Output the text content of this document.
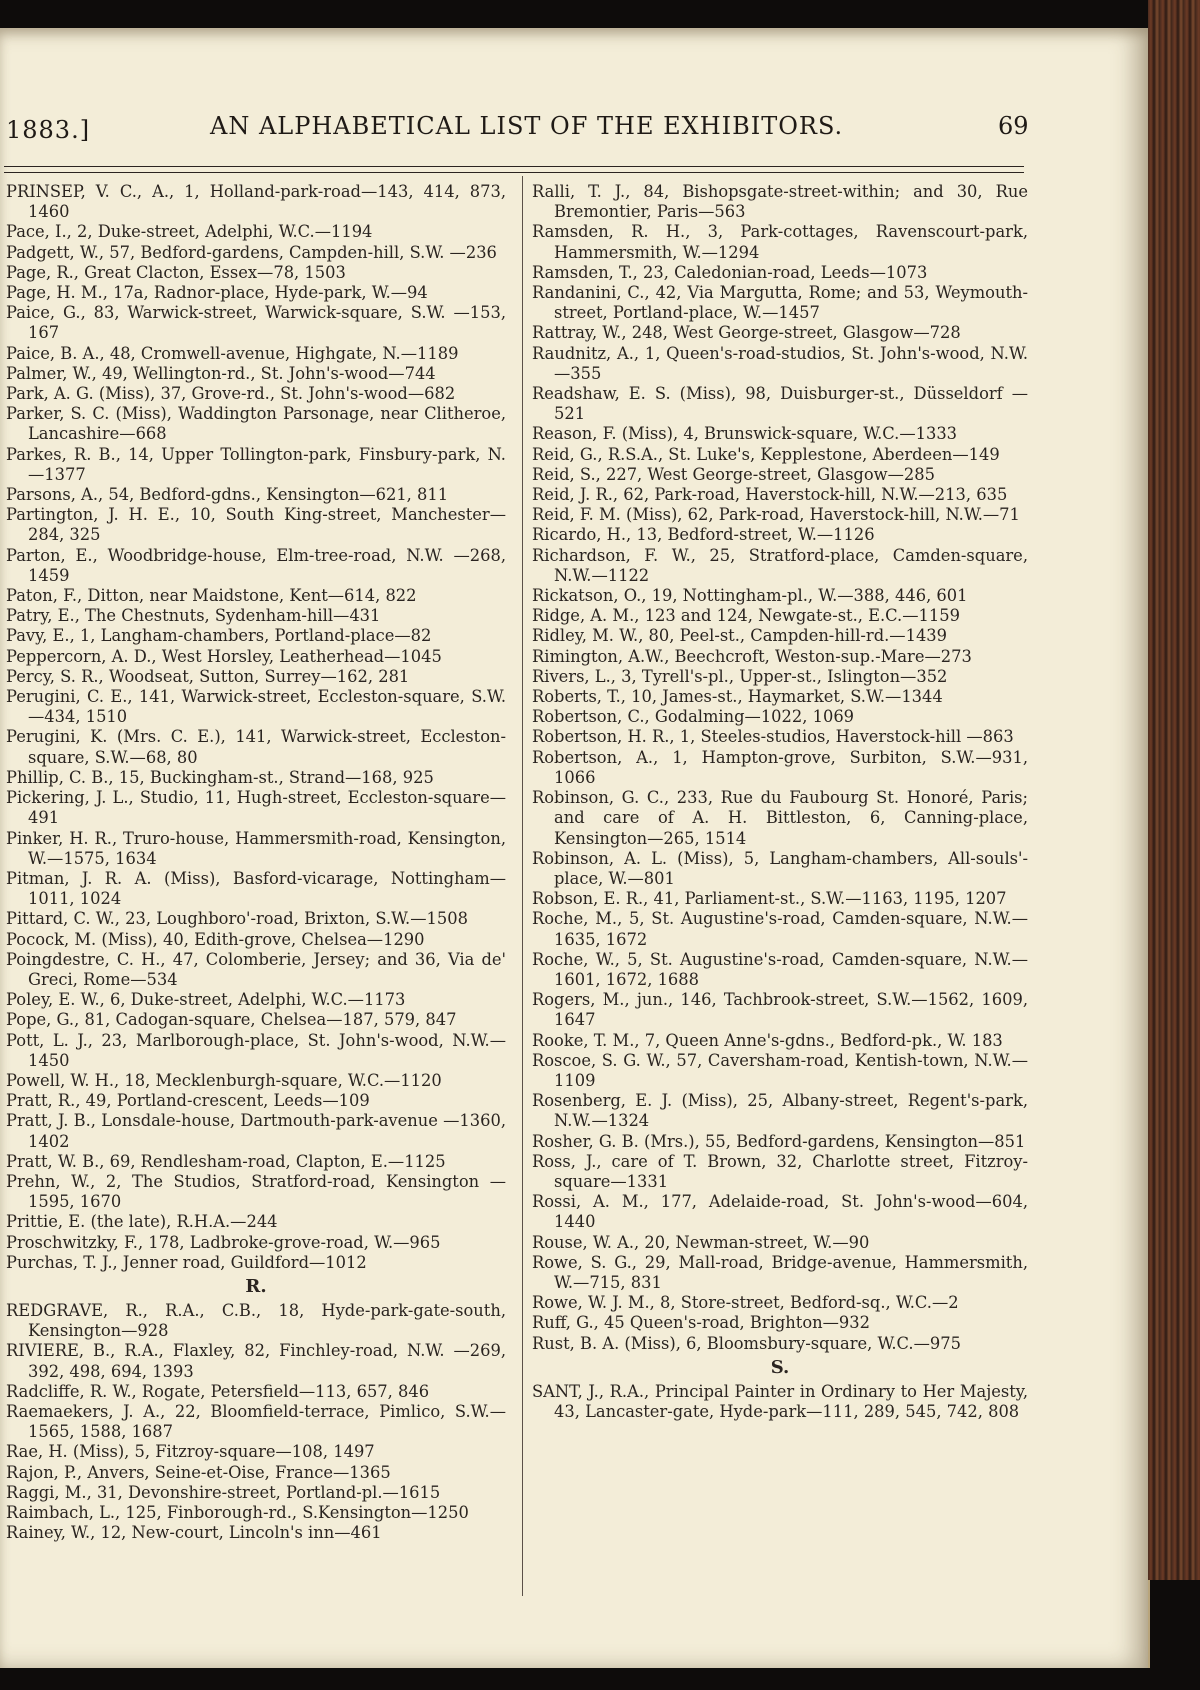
1883.]	AN ALPHABETICAL LIST OF THE EXHIBITORS.	69
PRINSEP, V. C., A., 1, Holland-park-road—143, 414, 873, 1460
Pace, I., 2, Duke-street, Adelphi, W.C.—1194
Padgett, W., 57, Bedford-gardens, Campden-hill, S.W. —236
Page, R., Great Clacton, Essex—78, 1503
Page, H. M., 17a, Radnor-place, Hyde-park, W.—94
Paice, G., 83, Warwick-street, Warwick-square, S.W. —153, 167
Paice, B. A., 48, Cromwell-avenue, Highgate, N.—1189
Palmer, W., 49, Wellington-rd., St. John's-wood—744
Park, A. G. (Miss), 37, Grove-rd., St. John's-wood—682
Parker, S. C. (Miss), Waddington Parsonage, near Clitheroe, Lancashire—668
Parkes, R. B., 14, Upper Tollington-park, Finsbury-park, N.—1377
Parsons, A., 54, Bedford-gdns., Kensington—621, 811
Partington, J. H. E., 10, South King-street, Manchester—284, 325
Parton, E., Woodbridge-house, Elm-tree-road, N.W. —268, 1459
Paton, F., Ditton, near Maidstone, Kent—614, 822
Patry, E., The Chestnuts, Sydenham-hill—431
Pavy, E., 1, Langham-chambers, Portland-place—82
Peppercorn, A. D., West Horsley, Leatherhead—1045
Percy, S. R., Woodseat, Sutton, Surrey—162, 281
Perugini, C. E., 141, Warwick-street, Eccleston-square, S.W.—434, 1510
Perugini, K. (Mrs. C. E.), 141, Warwick-street, Eccleston-square, S.W.—68, 80
Phillip, C. B., 15, Buckingham-st., Strand—168, 925
Pickering, J. L., Studio, 11, Hugh-street, Eccleston-square—491
Pinker, H. R., Truro-house, Hammersmith-road, Kensington, W.—1575, 1634
Pitman, J. R. A. (Miss), Basford-vicarage, Nottingham—1011, 1024
Pittard, C. W., 23, Loughboro'-road, Brixton, S.W.—1508
Pocock, M. (Miss), 40, Edith-grove, Chelsea—1290
Poingdestre, C. H., 47, Colomberie, Jersey; and 36, Via de' Greci, Rome—534
Poley, E. W., 6, Duke-street, Adelphi, W.C.—1173
Pope, G., 81, Cadogan-square, Chelsea—187, 579, 847
Pott, L. J., 23, Marlborough-place, St. John's-wood, N.W.—1450
Powell, W. H., 18, Mecklenburgh-square, W.C.—1120
Pratt, R., 49, Portland-crescent, Leeds—109
Pratt, J. B., Lonsdale-house, Dartmouth-park-avenue —1360, 1402
Pratt, W. B., 69, Rendlesham-road, Clapton, E.—1125
Prehn, W., 2, The Studios, Stratford-road, Kensington —1595, 1670
Prittie, E. (the late), R.H.A.—244
Proschwitzky, F., 178, Ladbroke-grove-road, W.—965
Purchas, T. J., Jenner road, Guildford—1012
R.
REDGRAVE, R., R.A., C.B., 18, Hyde-park-gate-south, Kensington—928
RIVIERE, B., R.A., Flaxley, 82, Finchley-road, N.W. —269, 392, 498, 694, 1393
Radcliffe, R. W., Rogate, Petersfield—113, 657, 846
Raemaekers, J. A., 22, Bloomfield-terrace, Pimlico, S.W.—1565, 1588, 1687
Rae, H. (Miss), 5, Fitzroy-square—108, 1497
Rajon, P., Anvers, Seine-et-Oise, France—1365
Raggi, M., 31, Devonshire-street, Portland-pl.—1615
Raimbach, L., 125, Finborough-rd., S.Kensington—1250
Rainey, W., 12, New-court, Lincoln's inn—461
Ralli, T. J., 84, Bishopsgate-street-within; and 30, Rue Bremontier, Paris—563
Ramsden, R. H., 3, Park-cottages, Ravenscourt-park, Hammersmith, W.—1294
Ramsden, T., 23, Caledonian-road, Leeds—1073
Randanini, C., 42, Via Margutta, Rome; and 53, Weymouth-street, Portland-place, W.—1457
Rattray, W., 248, West George-street, Glasgow—728
Raudnitz, A., 1, Queen's-road-studios, St. John's-wood, N.W.—355
Readshaw, E. S. (Miss), 98, Duisburger-st., Düsseldorf —521
Reason, F. (Miss), 4, Brunswick-square, W.C.—1333
Reid, G., R.S.A., St. Luke's, Kepplestone, Aberdeen—149
Reid, S., 227, West George-street, Glasgow—285
Reid, J. R., 62, Park-road, Haverstock-hill, N.W.—213, 635
Reid, F. M. (Miss), 62, Park-road, Haverstock-hill, N.W.—71
Ricardo, H., 13, Bedford-street, W.—1126
Richardson, F. W., 25, Stratford-place, Camden-square, N.W.—1122
Rickatson, O., 19, Nottingham-pl., W.—388, 446, 601
Ridge, A. M., 123 and 124, Newgate-st., E.C.—1159
Ridley, M. W., 80, Peel-st., Campden-hill-rd.—1439
Rimington, A.W., Beechcroft, Weston-sup.-Mare—273
Rivers, L., 3, Tyrell's-pl., Upper-st., Islington—352
Roberts, T., 10, James-st., Haymarket, S.W.—1344
Robertson, C., Godalming—1022, 1069
Robertson, H. R., 1, Steeles-studios, Haverstock-hill —863
Robertson, A., 1, Hampton-grove, Surbiton, S.W.—931, 1066
Robinson, G. C., 233, Rue du Faubourg St. Honoré, Paris; and care of A. H. Bittleston, 6, Canning-place, Kensington—265, 1514
Robinson, A. L. (Miss), 5, Langham-chambers, All-souls'-place, W.—801
Robson, E. R., 41, Parliament-st., S.W.—1163, 1195, 1207
Roche, M., 5, St. Augustine's-road, Camden-square, N.W.—1635, 1672
Roche, W., 5, St. Augustine's-road, Camden-square, N.W.—1601, 1672, 1688
Rogers, M., jun., 146, Tachbrook-street, S.W.—1562, 1609, 1647
Rooke, T. M., 7, Queen Anne's-gdns., Bedford-pk., W. 183
Roscoe, S. G. W., 57, Caversham-road, Kentish-town, N.W.—1109
Rosenberg, E. J. (Miss), 25, Albany-street, Regent's-park, N.W.—1324
Rosher, G. B. (Mrs.), 55, Bedford-gardens, Kensington—851
Ross, J., care of T. Brown, 32, Charlotte street, Fitzroy-square—1331
Rossi, A. M., 177, Adelaide-road, St. John's-wood—604, 1440
Rouse, W. A., 20, Newman-street, W.—90
Rowe, S. G., 29, Mall-road, Bridge-avenue, Hammersmith, W.—715, 831
Rowe, W. J. M., 8, Store-street, Bedford-sq., W.C.—2
Ruff, G., 45 Queen's-road, Brighton—932
Rust, B. A. (Miss), 6, Bloomsbury-square, W.C.—975
S.
SANT, J., R.A., Principal Painter in Ordinary to Her Majesty, 43, Lancaster-gate, Hyde-park—111, 289, 545, 742, 808
